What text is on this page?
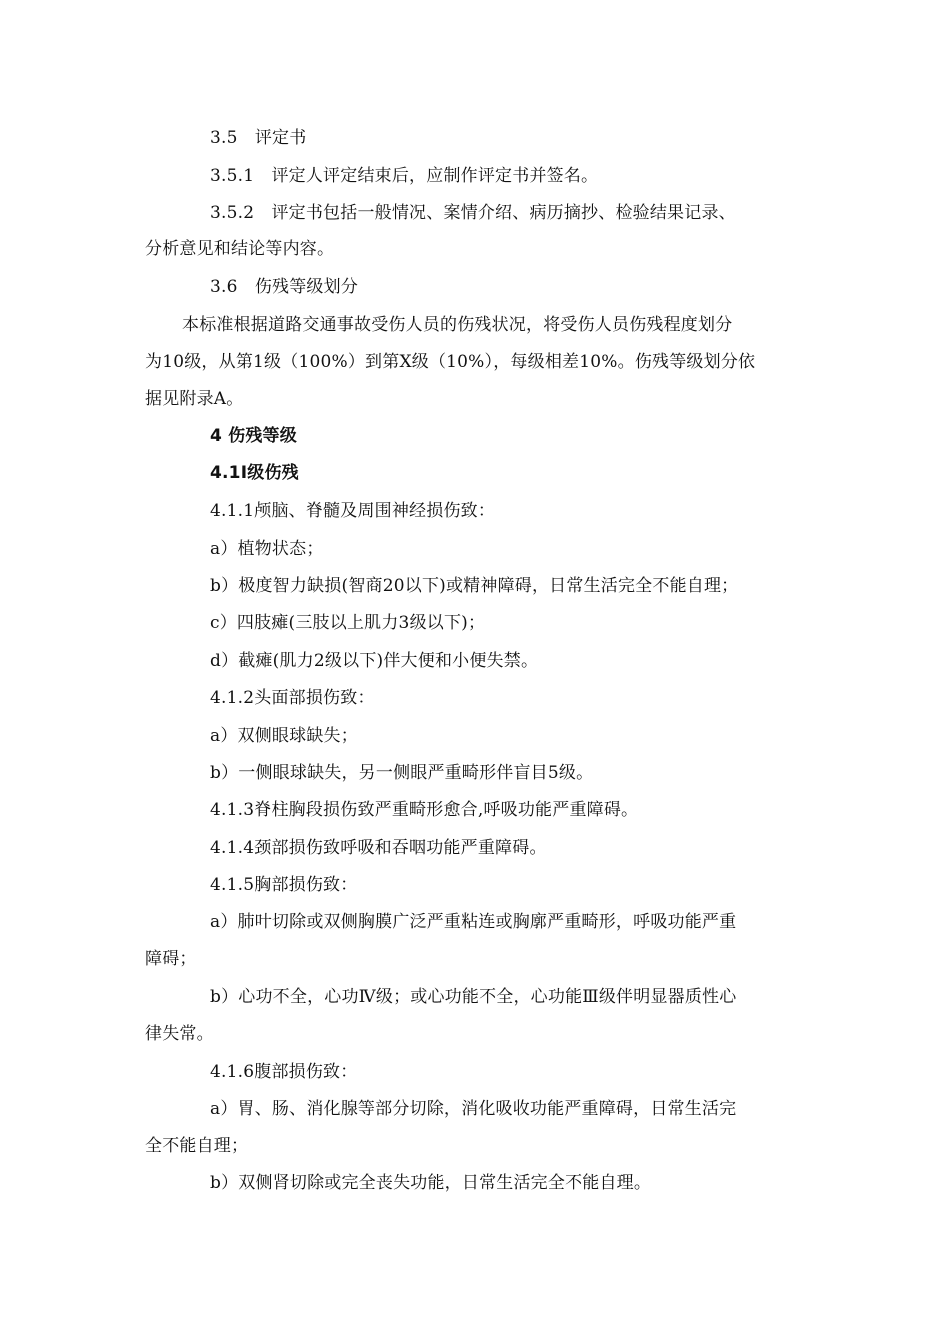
3.5　评定书
3.5.1　评定人评定结束后，应制作评定书并签名。
3.5.2　评定书包括一般情况、案情介绍、病历摘抄、检验结果记录、
分析意见和结论等内容。
3.6　伤残等级划分
本标准根据道路交通事故受伤人员的伤残状况，将受伤人员伤残程度划分
为10级，从第1级（100%）到第Ⅹ级（10%），每级相差10%。伤残等级划分依
据见附录A。
4 伤残等级
4.1Ⅰ级伤残
4.1.1颅脑、脊髓及周围神经损伤致：
a）植物状态；
b）极度智力缺损(智商20以下)或精神障碍，日常生活完全不能自理；
c）四肢瘫(三肢以上肌力3级以下)；
d）截瘫(肌力2级以下)伴大便和小便失禁。
4.1.2头面部损伤致：
a）双侧眼球缺失；
b）一侧眼球缺失，另一侧眼严重畸形伴盲目5级。
4.1.3脊柱胸段损伤致严重畸形愈合,呼吸功能严重障碍。
4.1.4颈部损伤致呼吸和吞咽功能严重障碍。
4.1.5胸部损伤致：
a）肺叶切除或双侧胸膜广泛严重粘连或胸廓严重畸形，呼吸功能严重
障碍；
b）心功不全，心功Ⅳ级；或心功能不全，心功能Ⅲ级伴明显器质性心
律失常。
4.1.6腹部损伤致：
a）胃、肠、消化腺等部分切除，消化吸收功能严重障碍，日常生活完
全不能自理；
b）双侧肾切除或完全丧失功能，日常生活完全不能自理。
